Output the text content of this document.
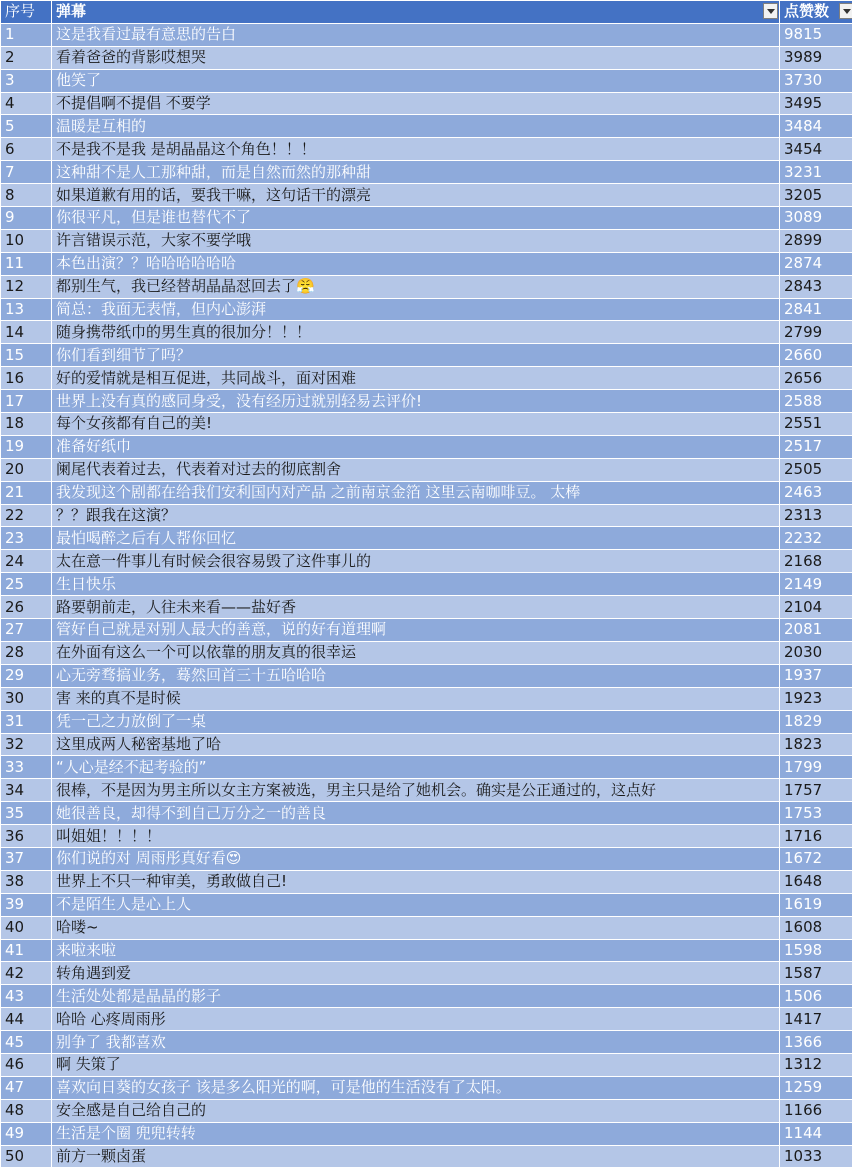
序号	弹幕	点赞数

1	这是我看过最有意思的告白	9815
2	看着爸爸的背影哎想哭	3989
3	他笑了	3730
4	不提倡啊不提倡 不要学	3495
5	温暖是互相的	3484
6	不是我不是我 是胡晶晶这个角色！！！	3454
7	这种甜不是人工那种甜，而是自然而然的那种甜	3231
8	如果道歉有用的话，要我干嘛，这句话干的漂亮	3205
9	你很平凡，但是谁也替代不了	3089
10	许言错误示范，大家不要学哦	2899
11	本色出演？？哈哈哈哈哈哈	2874
12	都别生气，我已经替胡晶晶怼回去了😤	2843
13	简总：我面无表情，但内心澎湃	2841
14	随身携带纸巾的男生真的很加分！！！	2799
15	你们看到细节了吗？	2660
16	好的爱情就是相互促进，共同战斗，面对困难	2656
17	世界上没有真的感同身受，没有经历过就别轻易去评价!	2588
18	每个女孩都有自己的美!	2551
19	准备好纸巾	2517
20	阑尾代表着过去，代表着对过去的彻底割舍	2505
21	我发现这个剧都在给我们安利国内对产品 之前南京金箔 这里云南咖啡豆。 太棒	2463
22	？？跟我在这演？	2313
23	最怕喝醉之后有人帮你回忆	2232
24	太在意一件事儿有时候会很容易毁了这件事儿的	2168
25	生日快乐	2149
26	路要朝前走，人往未来看——盐好香	2104
27	管好自己就是对别人最大的善意，说的好有道理啊	2081
28	在外面有这么一个可以依靠的朋友真的很幸运	2030
29	心无旁骛搞业务，蓦然回首三十五哈哈哈	1937
30	害 来的真不是时候	1923
31	凭一己之力放倒了一桌	1829
32	这里成两人秘密基地了哈	1823
33	“人心是经不起考验的”	1799
34	很棒，不是因为男主所以女主方案被选，男主只是给了她机会。确实是公正通过的，这点好	1757
35	她很善良，却得不到自己万分之一的善良	1753
36	叫姐姐！！！！	1716
37	你们说的对 周雨彤真好看😍	1672
38	世界上不只一种审美，勇敢做自己!	1648
39	不是陌生人是心上人	1619
40	哈喽~	1608
41	来啦来啦	1598
42	转角遇到爱	1587
43	生活处处都是晶晶的影子	1506
44	哈哈 心疼周雨彤	1417
45	别争了 我都喜欢	1366
46	啊 失策了	1312
47	喜欢向日葵的女孩子 该是多么阳光的啊，可是他的生活没有了太阳。	1259
48	安全感是自己给自己的	1166
49	生活是个圈 兜兜转转	1144
50	前方一颗卤蛋	1033
